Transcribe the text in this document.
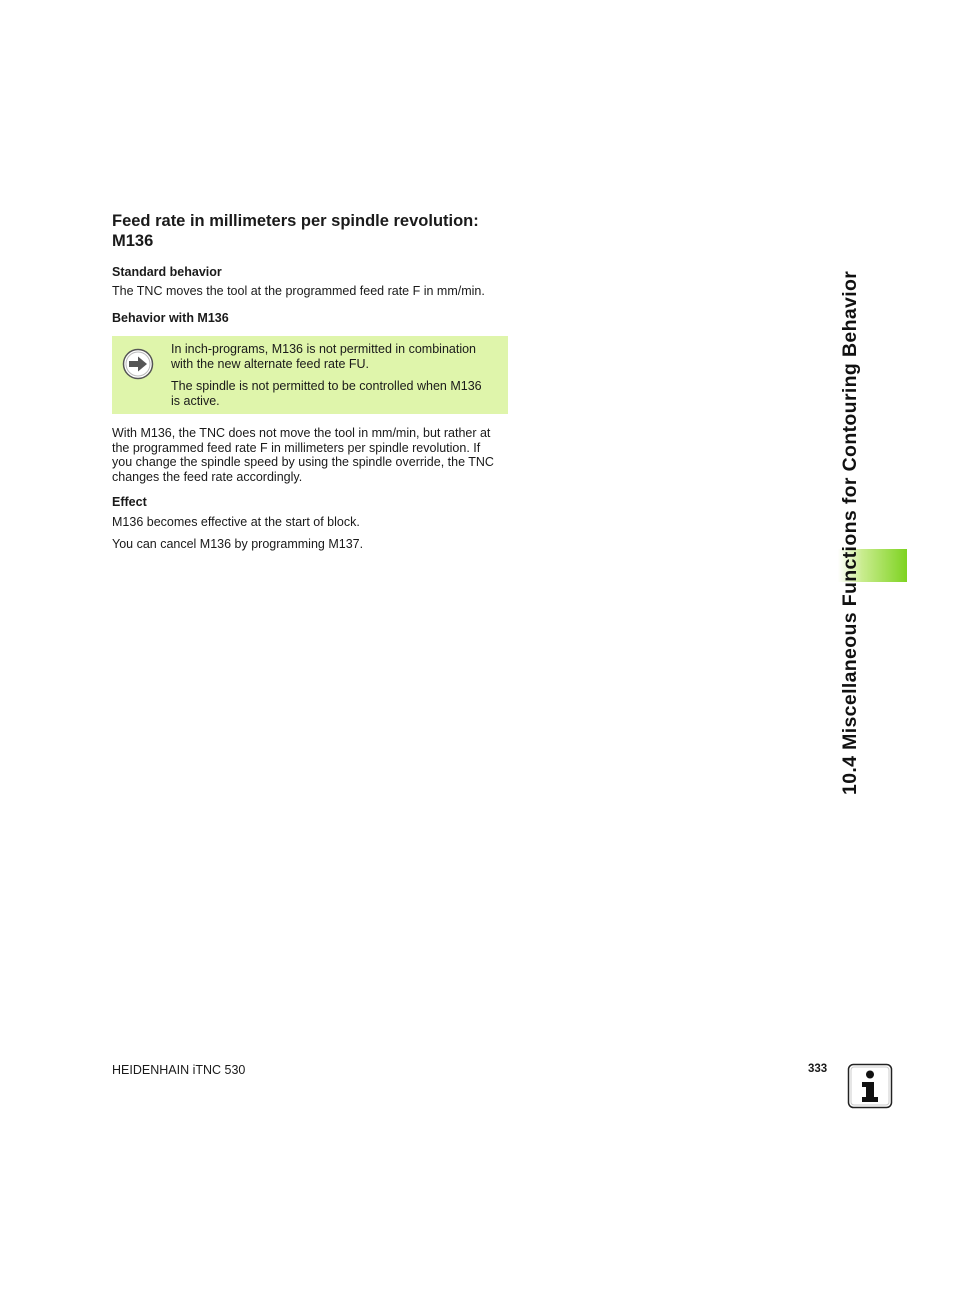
Feed rate in millimeters per spindle revolution:
M136
Standard behavior
The TNC moves the tool at the programmed feed rate F in mm/min.
Behavior with M136
In inch-programs, M136 is not permitted in combination
with the new alternate feed rate FU.
The spindle is not permitted to be controlled when M136
is active.
With M136, the TNC does not move the tool in mm/min, but rather at
the programmed feed rate F in millimeters per spindle revolution. If
you change the spindle speed by using the spindle override, the TNC
changes the feed rate accordingly.
Effect
M136 becomes effective at the start of block.
You can cancel M136 by programming M137.	10.4 Miscellaneous Functions for Contouring Behavior
HEIDENHAIN iTNC 530	333
